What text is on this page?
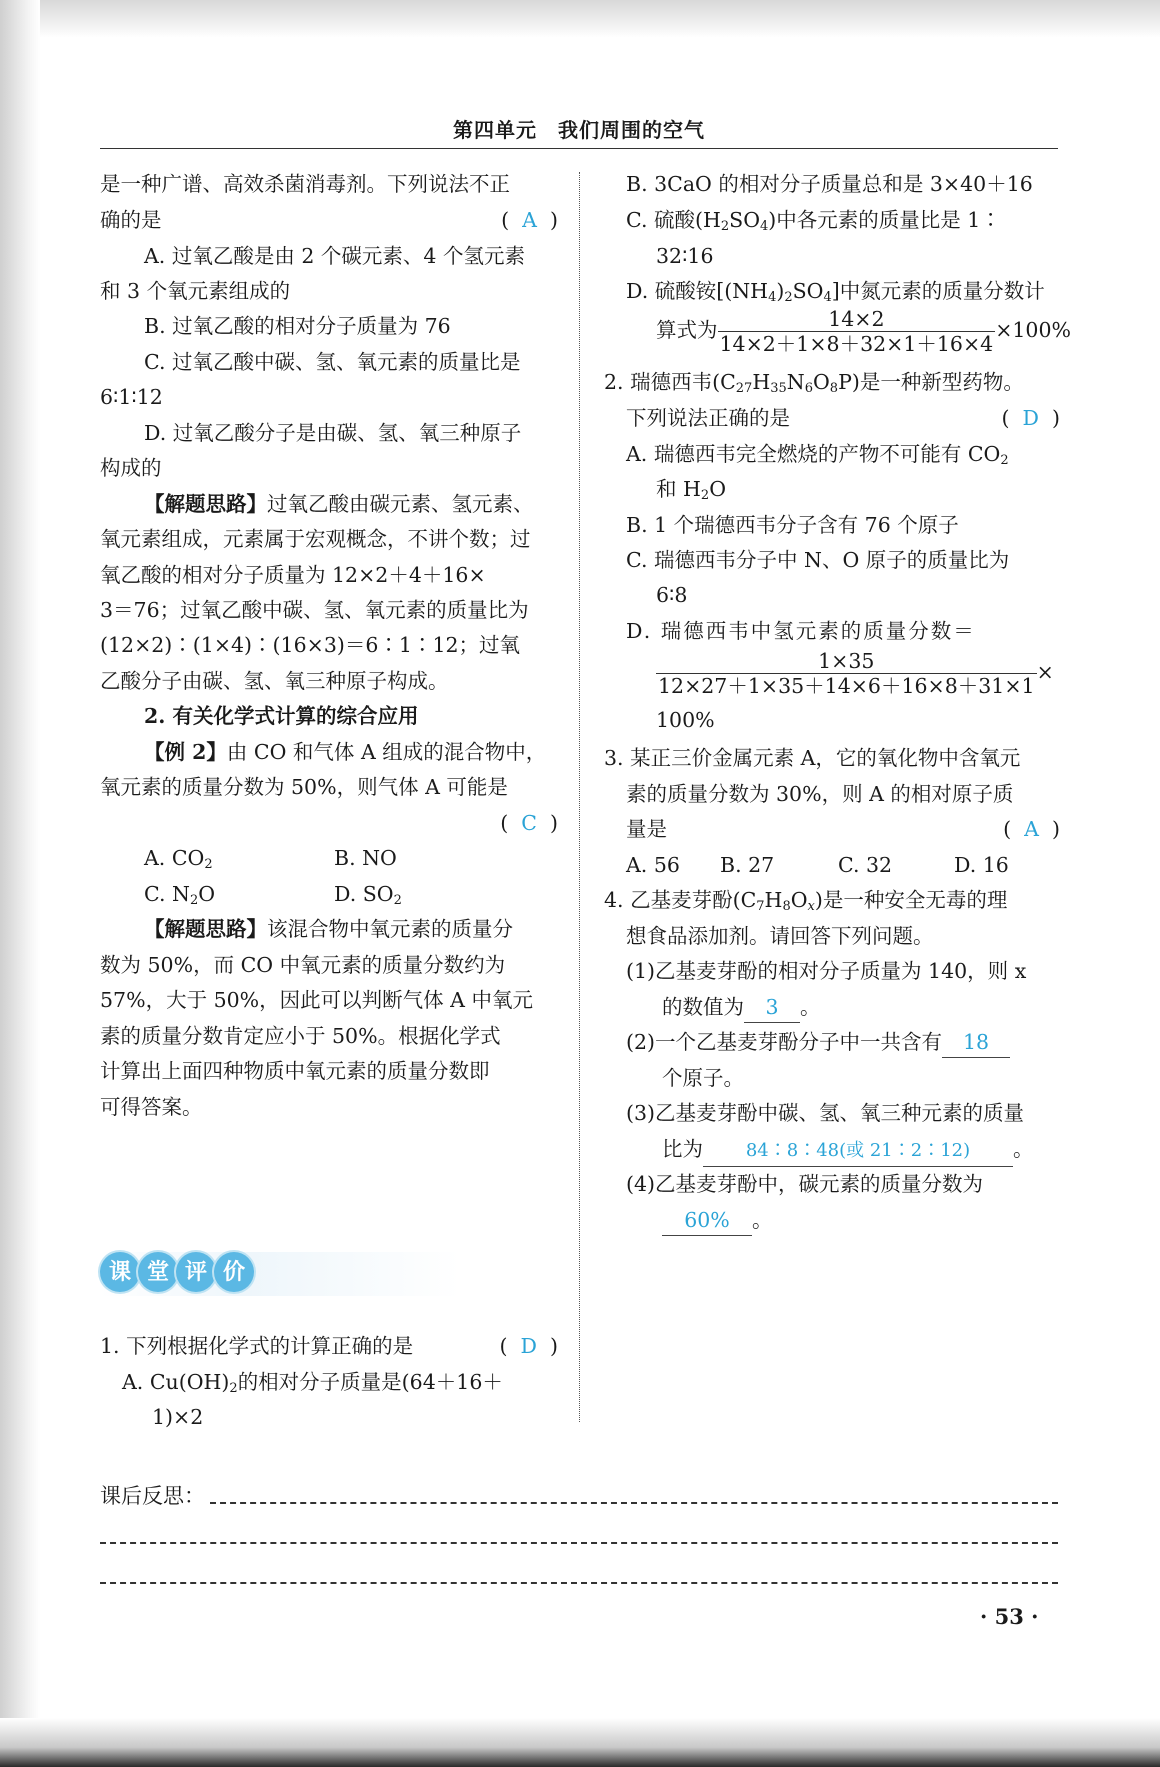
第四单元　我们周围的空气
是一种广谱、高效杀菌消毒剂。下列说法不正
确的是	(  A  )
A. 过氧乙酸是由 2 个碳元素、4 个氢元素
和 3 个氧元素组成的
B. 过氧乙酸的相对分子质量为 76
C. 过氧乙酸中碳、氢、氧元素的质量比是
6∶1∶12
D. 过氧乙酸分子是由碳、氢、氧三种原子
构成的
【解题思路】过氧乙酸由碳元素、氢元素、
氧元素组成，元素属于宏观概念，不讲个数；过
氧乙酸的相对分子质量为 12×2＋4＋16×
3＝76；过氧乙酸中碳、氢、氧元素的质量比为
(12×2)∶(1×4)∶(16×3)＝6∶1∶12；过氧
乙酸分子由碳、氢、氧三种原子构成。
2. 有关化学式计算的综合应用
【例 2】由 CO 和气体 A 组成的混合物中，
氧元素的质量分数为 50%，则气体 A 可能是
(  C  )
A. $CO_2$	B. NO
C. $N_2O$	D. $SO_2$
【解题思路】该混合物中氧元素的质量分
数为 50%，而 CO 中氧元素的质量分数约为
57%，大于 50%，因此可以判断气体 A 中氧元
素的质量分数肯定应小于 50%。根据化学式
计算出上面四种物质中氧元素的质量分数即
可得答案。
1. 下列根据化学式的计算正确的是	(  D  )
A. $Cu(OH)_2$的相对分子质量是(64＋16＋
1)×2
课 堂 评 价
B. 3CaO 的相对分子质量总和是 3×40＋16
C. 硫酸$(H_2SO_4)$中各元素的质量比是 1∶
32∶16
D. 硫酸铵$[(NH_4)_2SO_4]$中氮元素的质量分数计
算式为 $\frac{14\times 2}{14\times 2+1\times 8+32\times 1+16\times 4} \times 100\%$
2. 瑞德西韦$(C_{27}H_{35}N_6O_8P)$是一种新型药物。
下列说法正确的是	(  D  )
A. 瑞德西韦完全燃烧的产物不可能有 $CO_2$
和 $H_2O$
B. 1 个瑞德西韦分子含有 76 个原子
C. 瑞德西韦分子中 N、O 原子的质量比为
6∶8
D. 瑞德西韦中氢元素的质量分数＝
$\frac{1\times 35}{12\times 27+1\times 35+14\times 6+16\times 8+31\times 1}$ ×
100%
3. 某正三价金属元素 A，它的氧化物中含氧元
素的质量分数为 30%，则 A 的相对原子质
量是	(  A  )
A. 56 B. 27	C. 32	D. 16
4. 乙基麦芽酚$(C_7H_8O_x)$是一种安全无毒的理
想食品添加剂。请回答下列问题。
(1)乙基麦芽酚的相对分子质量为 140，则 x
的数值为 3 。
(2)一个乙基麦芽酚分子中一共含有 18
个原子。
(3)乙基麦芽酚中碳、氢、氧三种元素的质量
比为 84∶8∶48(或 21∶2∶12) 。
(4)乙基麦芽酚中，碳元素的质量分数为
60% 。
课后反思：
· 53 ·
